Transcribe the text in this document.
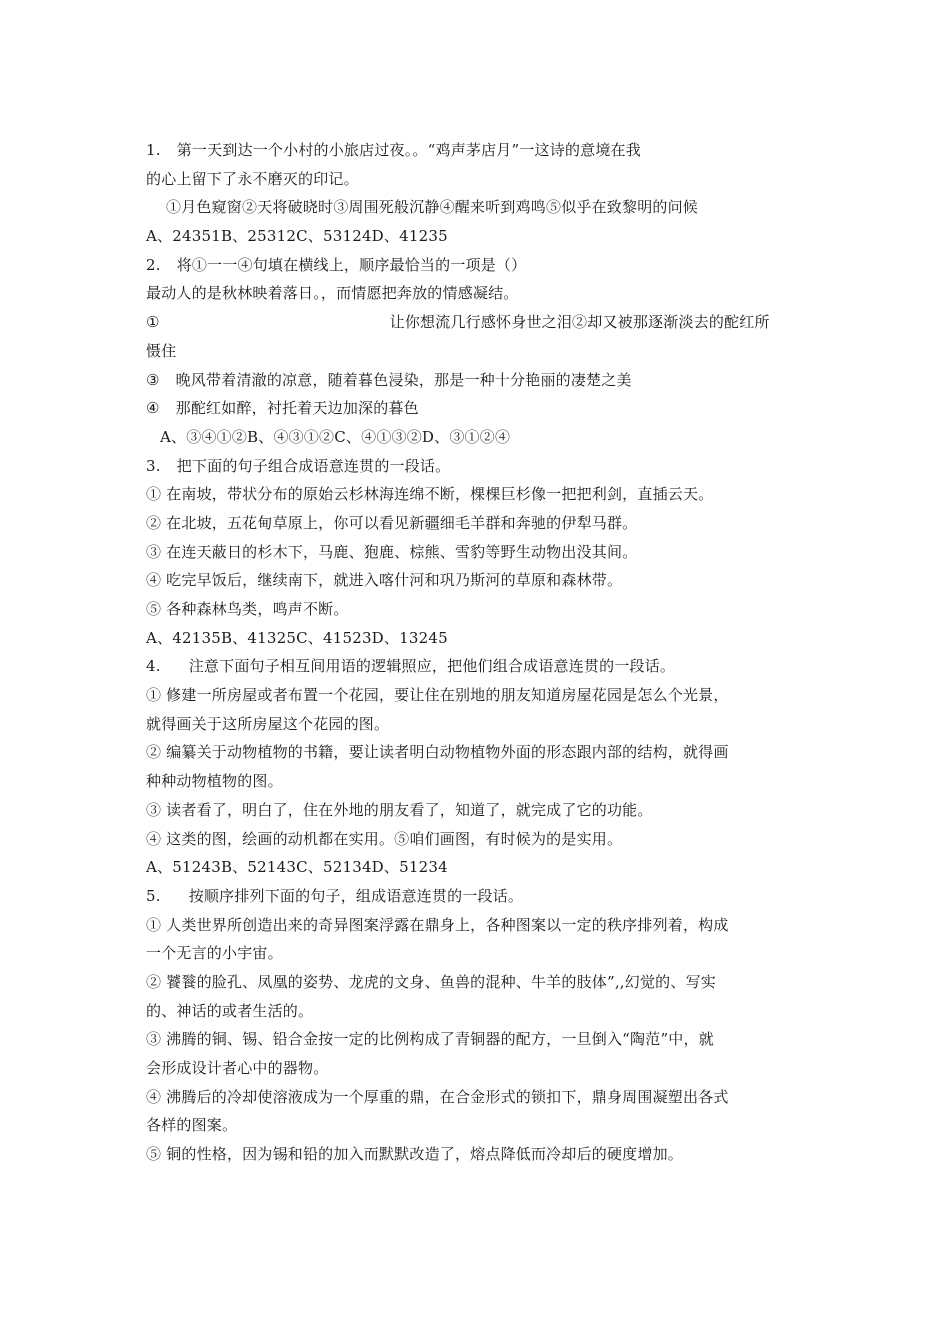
1. 第一天到达一个小村的小旅店过夜。。“鸡声茅店月”一这诗的意境在我
的心上留下了永不磨灭的印记。
①月色窥窗②天将破晓时③周围死般沉静④醒来听到鸡鸣⑤似乎在致黎明的问候
A、24351B、25312C、53124D、41235
2. 将①一一④句填在横线上，顺序最恰当的一项是（）
最动人的是秋林映着落日。，而情愿把奔放的情感凝结。
①	让你想流几行感怀身世之泪②却又被那逐渐淡去的酡红所
慑住
③ 晚风带着清澈的凉意，随着暮色浸染，那是一种十分艳丽的凄楚之美
④ 那酡红如醉，衬托着天边加深的暮色
A、③④①②B、④③①②C、④①③②D、③①②④
3. 把下面的句子组合成语意连贯的一段话。
① 在南坡，带状分布的原始云杉林海连绵不断，棵棵巨杉像一把把利剑，直插云天。
② 在北坡，五花甸草原上，你可以看见新疆细毛羊群和奔驰的伊犁马群。
③ 在连天蔽日的杉木下，马鹿、狍鹿、棕熊、雪豹等野生动物出没其间。
④ 吃完早饭后，继续南下，就进入喀什河和巩乃斯河的草原和森林带。
⑤ 各种森林鸟类，鸣声不断。
A、42135B、41325C、41523D、13245
4. 注意下面句子相互间用语的逻辑照应，把他们组合成语意连贯的一段话。
① 修建一所房屋或者布置一个花园，要让住在别地的朋友知道房屋花园是怎么个光景，
就得画关于这所房屋这个花园的图。
② 编纂关于动物植物的书籍，要让读者明白动物植物外面的形态跟内部的结构，就得画
种种动物植物的图。
③ 读者看了，明白了，住在外地的朋友看了，知道了，就完成了它的功能。
④ 这类的图，绘画的动机都在实用。⑤咱们画图，有时候为的是实用。
A、51243B、52143C、52134D、51234
5. 按顺序排列下面的句子，组成语意连贯的一段话。
① 人类世界所创造出来的奇异图案浮露在鼎身上，各种图案以一定的秩序排列着，构成
一个无言的小宇宙。
② 饕餮的脸孔、凤凰的姿势、龙虎的文身、鱼兽的混种、牛羊的肢体”,,幻觉的、写实
的、神话的或者生活的。
③ 沸腾的铜、锡、铅合金按一定的比例构成了青铜器的配方，一旦倒入“陶范”中，就
会形成设计者心中的器物。
④ 沸腾后的冷却使溶液成为一个厚重的鼎，在合金形式的锁扣下，鼎身周围凝塑出各式
各样的图案。
⑤ 铜的性格，因为锡和铅的加入而默默改造了，熔点降低而冷却后的硬度增加。
